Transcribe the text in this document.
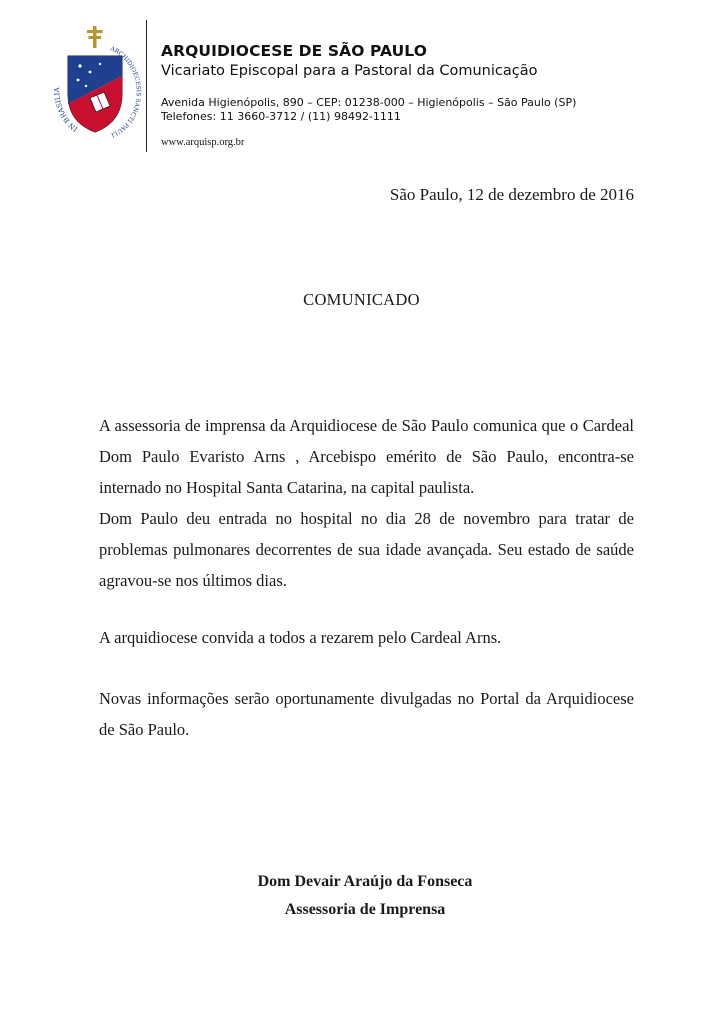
IN BRASILIA
ARCHIDIOECESIS SANCTI PAULI
ARQUIDIOCESE DE SÃO PAULO
Vicariato Episcopal para a Pastoral da Comunicação
Avenida Higienópolis, 890 – CEP: 01238-000 – Higienópolis – São Paulo (SP)
Telefones: 11 3660-3712 / (11) 98492-1111
www.arquisp.org.br
São Paulo, 12 de dezembro de 2016
COMUNICADO

A assessoria de imprensa da Arquidiocese de São Paulo comunica que o Cardeal Dom Paulo Evaristo Arns , Arcebispo emérito de São Paulo, encontra-se internado no Hospital Santa Catarina, na capital paulista.

Dom Paulo deu entrada no hospital no dia 28 de novembro para tratar de problemas pulmonares decorrentes de sua idade avançada. Seu estado de saúde agravou-se nos últimos dias.

A arquidiocese convida a todos a rezarem pelo Cardeal Arns.

Novas informações serão oportunamente divulgadas no Portal da Arquidiocese de São Paulo.

Dom Devair Araújo da Fonseca
Assessoria de Imprensa
